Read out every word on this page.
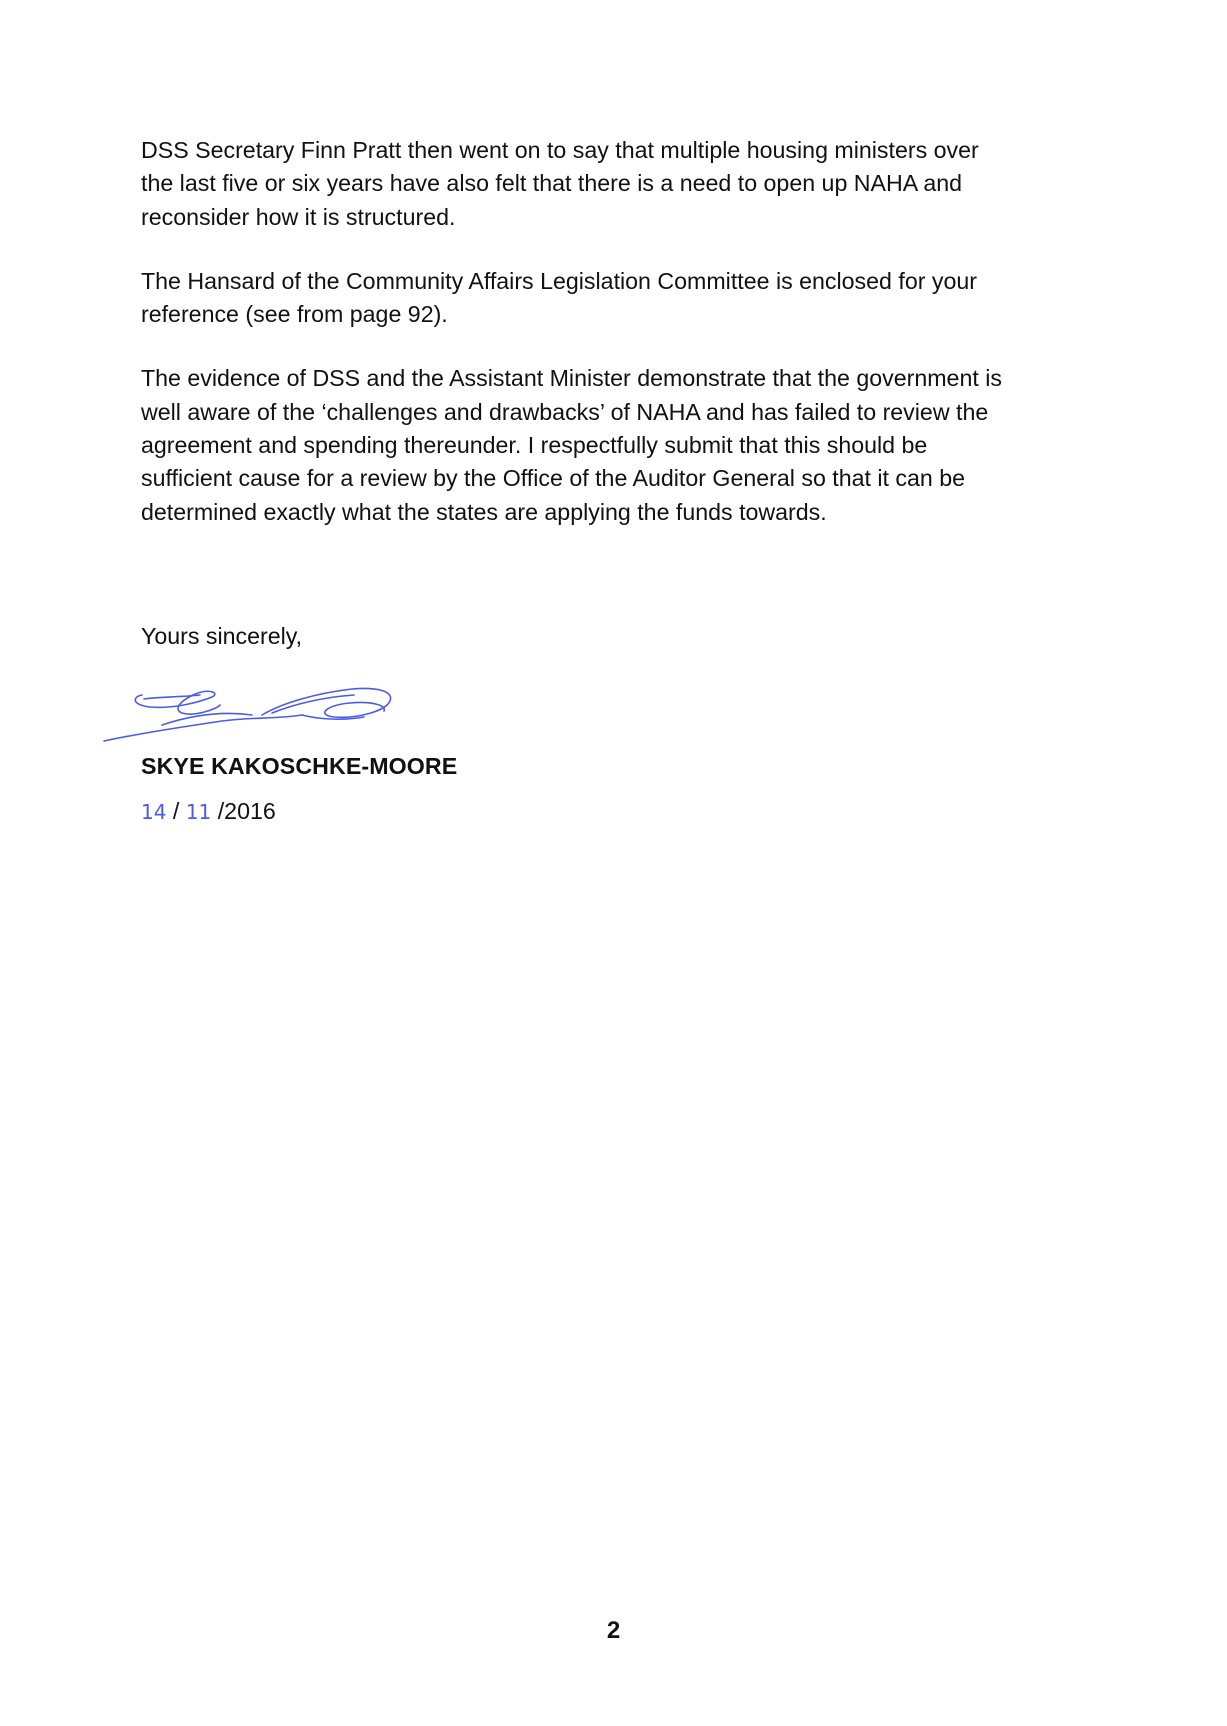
DSS Secretary Finn Pratt then went on to say that multiple housing ministers over
the last five or six years have also felt that there is a need to open up NAHA and
reconsider how it is structured.

The Hansard of the Community Affairs Legislation Committee is enclosed for your
reference (see from page 92).

The evidence of DSS and the Assistant Minister demonstrate that the government is
well aware of the ‘challenges and drawbacks’ of NAHA and has failed to review the
agreement and spending thereunder. I respectfully submit that this should be
sufficient cause for a review by the Office of the Auditor General so that it can be
determined exactly what the states are applying the funds towards.

Yours sincerely,
SKYE KAKOSCHKE-MOORE
14 / 11 /2016
2
